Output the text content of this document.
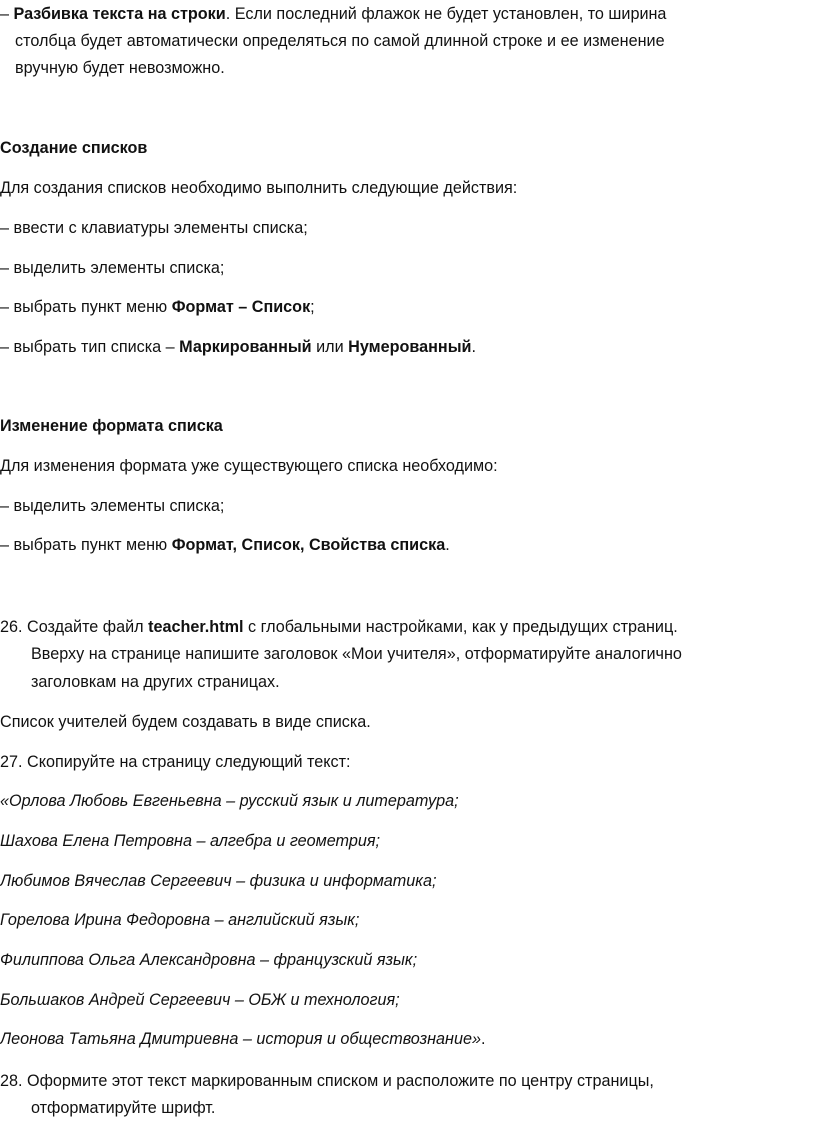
– Разбивка текста на строки. Если последний флажок не будет установлен, то ширина
столбца будет автоматически определяться по самой длинной строке и ее изменение
вручную будет невозможно.
Создание списков
Для создания списков необходимо выполнить следующие действия:
– ввести с клавиатуры элементы списка;
– выделить элементы списка;
– выбрать пункт меню Формат – Список;
– выбрать тип списка – Маркированный или Нумерованный.
Изменение формата списка
Для изменения формата уже существующего списка необходимо:
– выделить элементы списка;
– выбрать пункт меню Формат, Список, Свойства списка.
26. Создайте файл teacher.html с глобальными настройками, как у предыдущих страниц.
Вверху на странице напишите заголовок «Мои учителя», отформатируйте аналогично
заголовкам на других страницах.
Список учителей будем создавать в виде списка.
27. Скопируйте на страницу следующий текст:
«Орлова Любовь Евгеньевна – русский язык и литература;
Шахова Елена Петровна – алгебра и геометрия;
Любимов Вячеслав Сергеевич – физика и информатика;
Горелова Ирина Федоровна – английский язык;
Филиппова Ольга Александровна – французский язык;
Большаков Андрей Сергеевич – ОБЖ и технология;
Леонова Татьяна Дмитриевна – история и обществознание».
28. Оформите этот текст маркированным списком и расположите по центру страницы,
отформатируйте шрифт.
